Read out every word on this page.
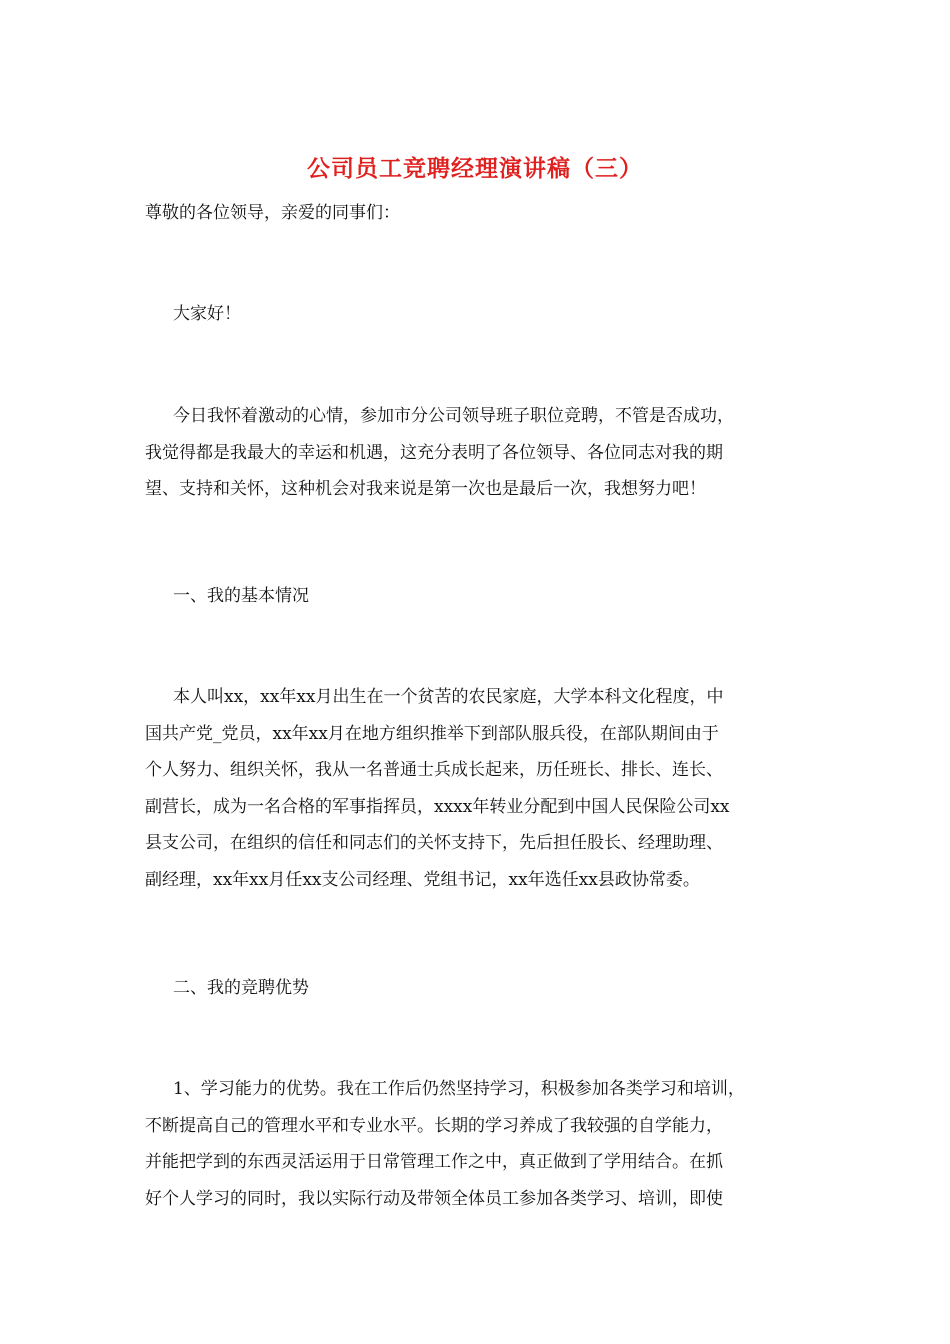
公司员工竞聘经理演讲稿（三）

尊敬的各位领导，亲爱的同事们：

大家好！

今日我怀着激动的心情，参加市分公司领导班子职位竞聘，不管是否成功，
我觉得都是我最大的幸运和机遇，这充分表明了各位领导、各位同志对我的期
望、支持和关怀，这种机会对我来说是第一次也是最后一次，我想努力吧！

一、我的基本情况

本人叫xx，xx年xx月出生在一个贫苦的农民家庭，大学本科文化程度，中
国共产党_党员，xx年xx月在地方组织推举下到部队服兵役，在部队期间由于
个人努力、组织关怀，我从一名普通士兵成长起来，历任班长、排长、连长、
副营长，成为一名合格的军事指挥员，xxxx年转业分配到中国人民保险公司xx
县支公司，在组织的信任和同志们的关怀支持下，先后担任股长、经理助理、
副经理，xx年xx月任xx支公司经理、党组书记，xx年选任xx县政协常委。

二、我的竞聘优势

1、学习能力的优势。我在工作后仍然坚持学习，积极参加各类学习和培训，
不断提高自己的管理水平和专业水平。长期的学习养成了我较强的自学能力，
并能把学到的东西灵活运用于日常管理工作之中，真正做到了学用结合。在抓
好个人学习的同时，我以实际行动及带领全体员工参加各类学习、培训，即使
